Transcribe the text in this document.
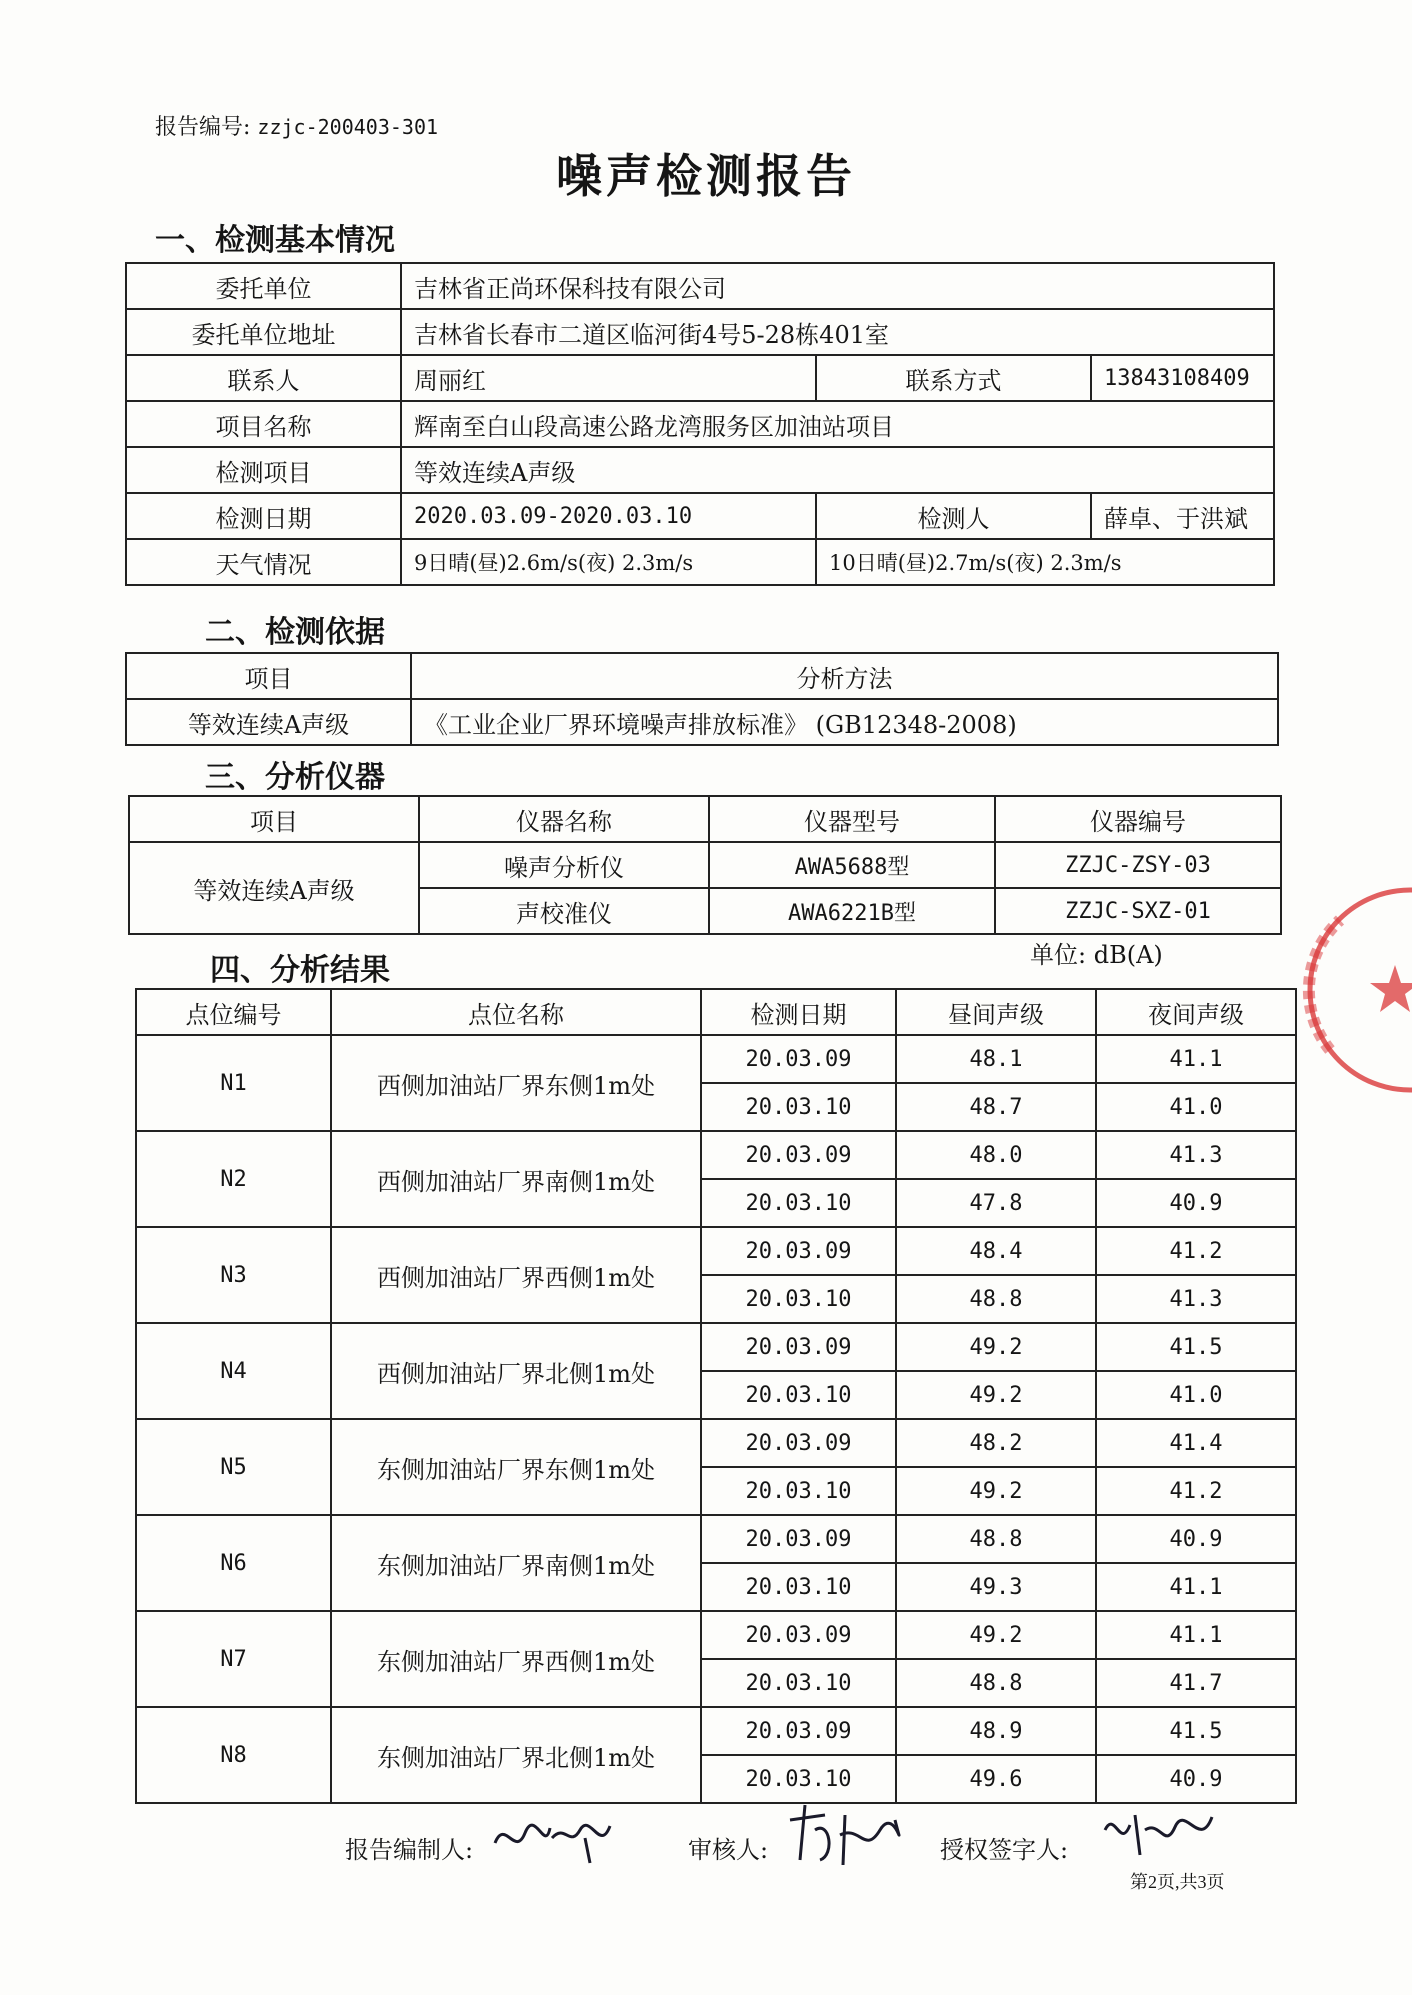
报告编号: zzjc-200403-301
噪声检测报告
一、检测基本情况
委托单位	吉林省正尚环保科技有限公司		
委托单位地址	吉林省长春市二道区临河街4号5-28栋401室		
联系人	周丽红	联系方式	13843108409
项目名称	辉南至白山段高速公路龙湾服务区加油站项目		
检测项目	等效连续A声级		
检测日期	2020.03.09-2020.03.10	检测人	薛卓、于洪斌
天气情况	9日晴(昼)2.6m/s(夜) 2.3m/s	10日晴(昼)2.7m/s(夜) 2.3m/s	
二、检测依据
项目	分析方法
等效连续A声级	《工业企业厂界环境噪声排放标准》 (GB12348-2008)
三、分析仪器
项目	仪器名称	仪器型号	仪器编号
等效连续A声级	噪声分析仪	AWA5688型	ZZJC-ZSY-03
	声校准仪	AWA6221B型	ZZJC-SXZ-01
四、分析结果	单位: dB(A)
点位编号	点位名称	检测日期	昼间声级	夜间声级
N1	西侧加油站厂界东侧1m处	20.03.09	48.1	41.1
		20.03.10	48.7	41.0
N2	西侧加油站厂界南侧1m处	20.03.09	48.0	41.3
		20.03.10	47.8	40.9
N3	西侧加油站厂界西侧1m处	20.03.09	48.4	41.2
		20.03.10	48.8	41.3
N4	西侧加油站厂界北侧1m处	20.03.09	49.2	41.5
		20.03.10	49.2	41.0
N5	东侧加油站厂界东侧1m处	20.03.09	48.2	41.4
		20.03.10	49.2	41.2
N6	东侧加油站厂界南侧1m处	20.03.09	48.8	40.9
		20.03.10	49.3	41.1
N7	东侧加油站厂界西侧1m处	20.03.09	49.2	41.1
		20.03.10	48.8	41.7
N8	东侧加油站厂界北侧1m处	20.03.09	48.9	41.5
		20.03.10	49.6	40.9
报告编制人:	审核人:	授权签字人:
第2页,共3页
